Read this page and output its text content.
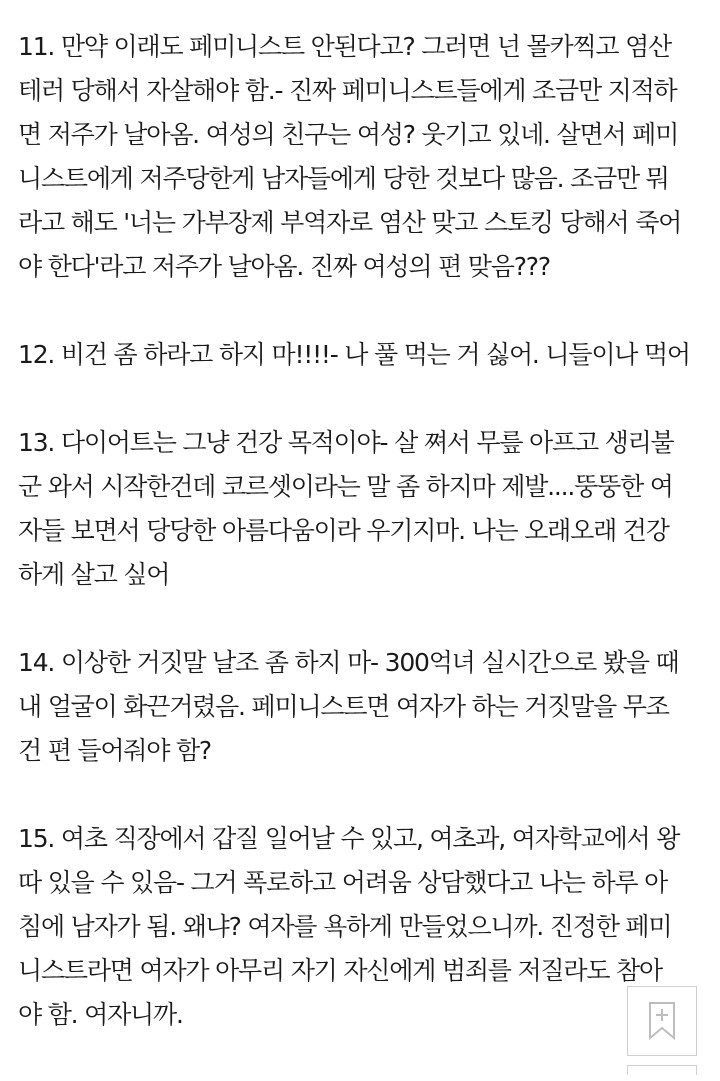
11. 만약 이래도 페미니스트 안된다고? 그러면 넌 몰카찍고 염산
테러 당해서 자살해야 함.- 진짜 페미니스트들에게 조금만 지적하
면 저주가 날아옴. 여성의 친구는 여성? 웃기고 있네. 살면서 페미
니스트에게 저주당한게 남자들에게 당한 것보다 많음. 조금만 뭐
라고 해도 '너는 가부장제 부역자로 염산 맞고 스토킹 당해서 죽어
야 한다'라고 저주가 날아옴. 진짜 여성의 편 맞음???
12. 비건 좀 하라고 하지 마!!!!- 나 풀 먹는 거 싫어. 니들이나 먹어
13. 다이어트는 그냥 건강 목적이야- 살 쪄서 무릎 아프고 생리불
군 와서 시작한건데 코르셋이라는 말 좀 하지마 제발....뚱뚱한 여
자들 보면서 당당한 아름다움이라 우기지마. 나는 오래오래 건강
하게 살고 싶어
14. 이상한 거짓말 날조 좀 하지 마- 300억녀 실시간으로 봤을 때
내 얼굴이 화끈거렸음. 페미니스트면 여자가 하는 거짓말을 무조
건 편 들어줘야 함?
15. 여초 직장에서 갑질 일어날 수 있고, 여초과, 여자학교에서 왕
따 있을 수 있음- 그거 폭로하고 어려움 상담했다고 나는 하루 아
침에 남자가 됨. 왜냐? 여자를 욕하게 만들었으니까. 진정한 페미
니스트라면 여자가 아무리 자기 자신에게 범죄를 저질라도 참아
야 함. 여자니까.
